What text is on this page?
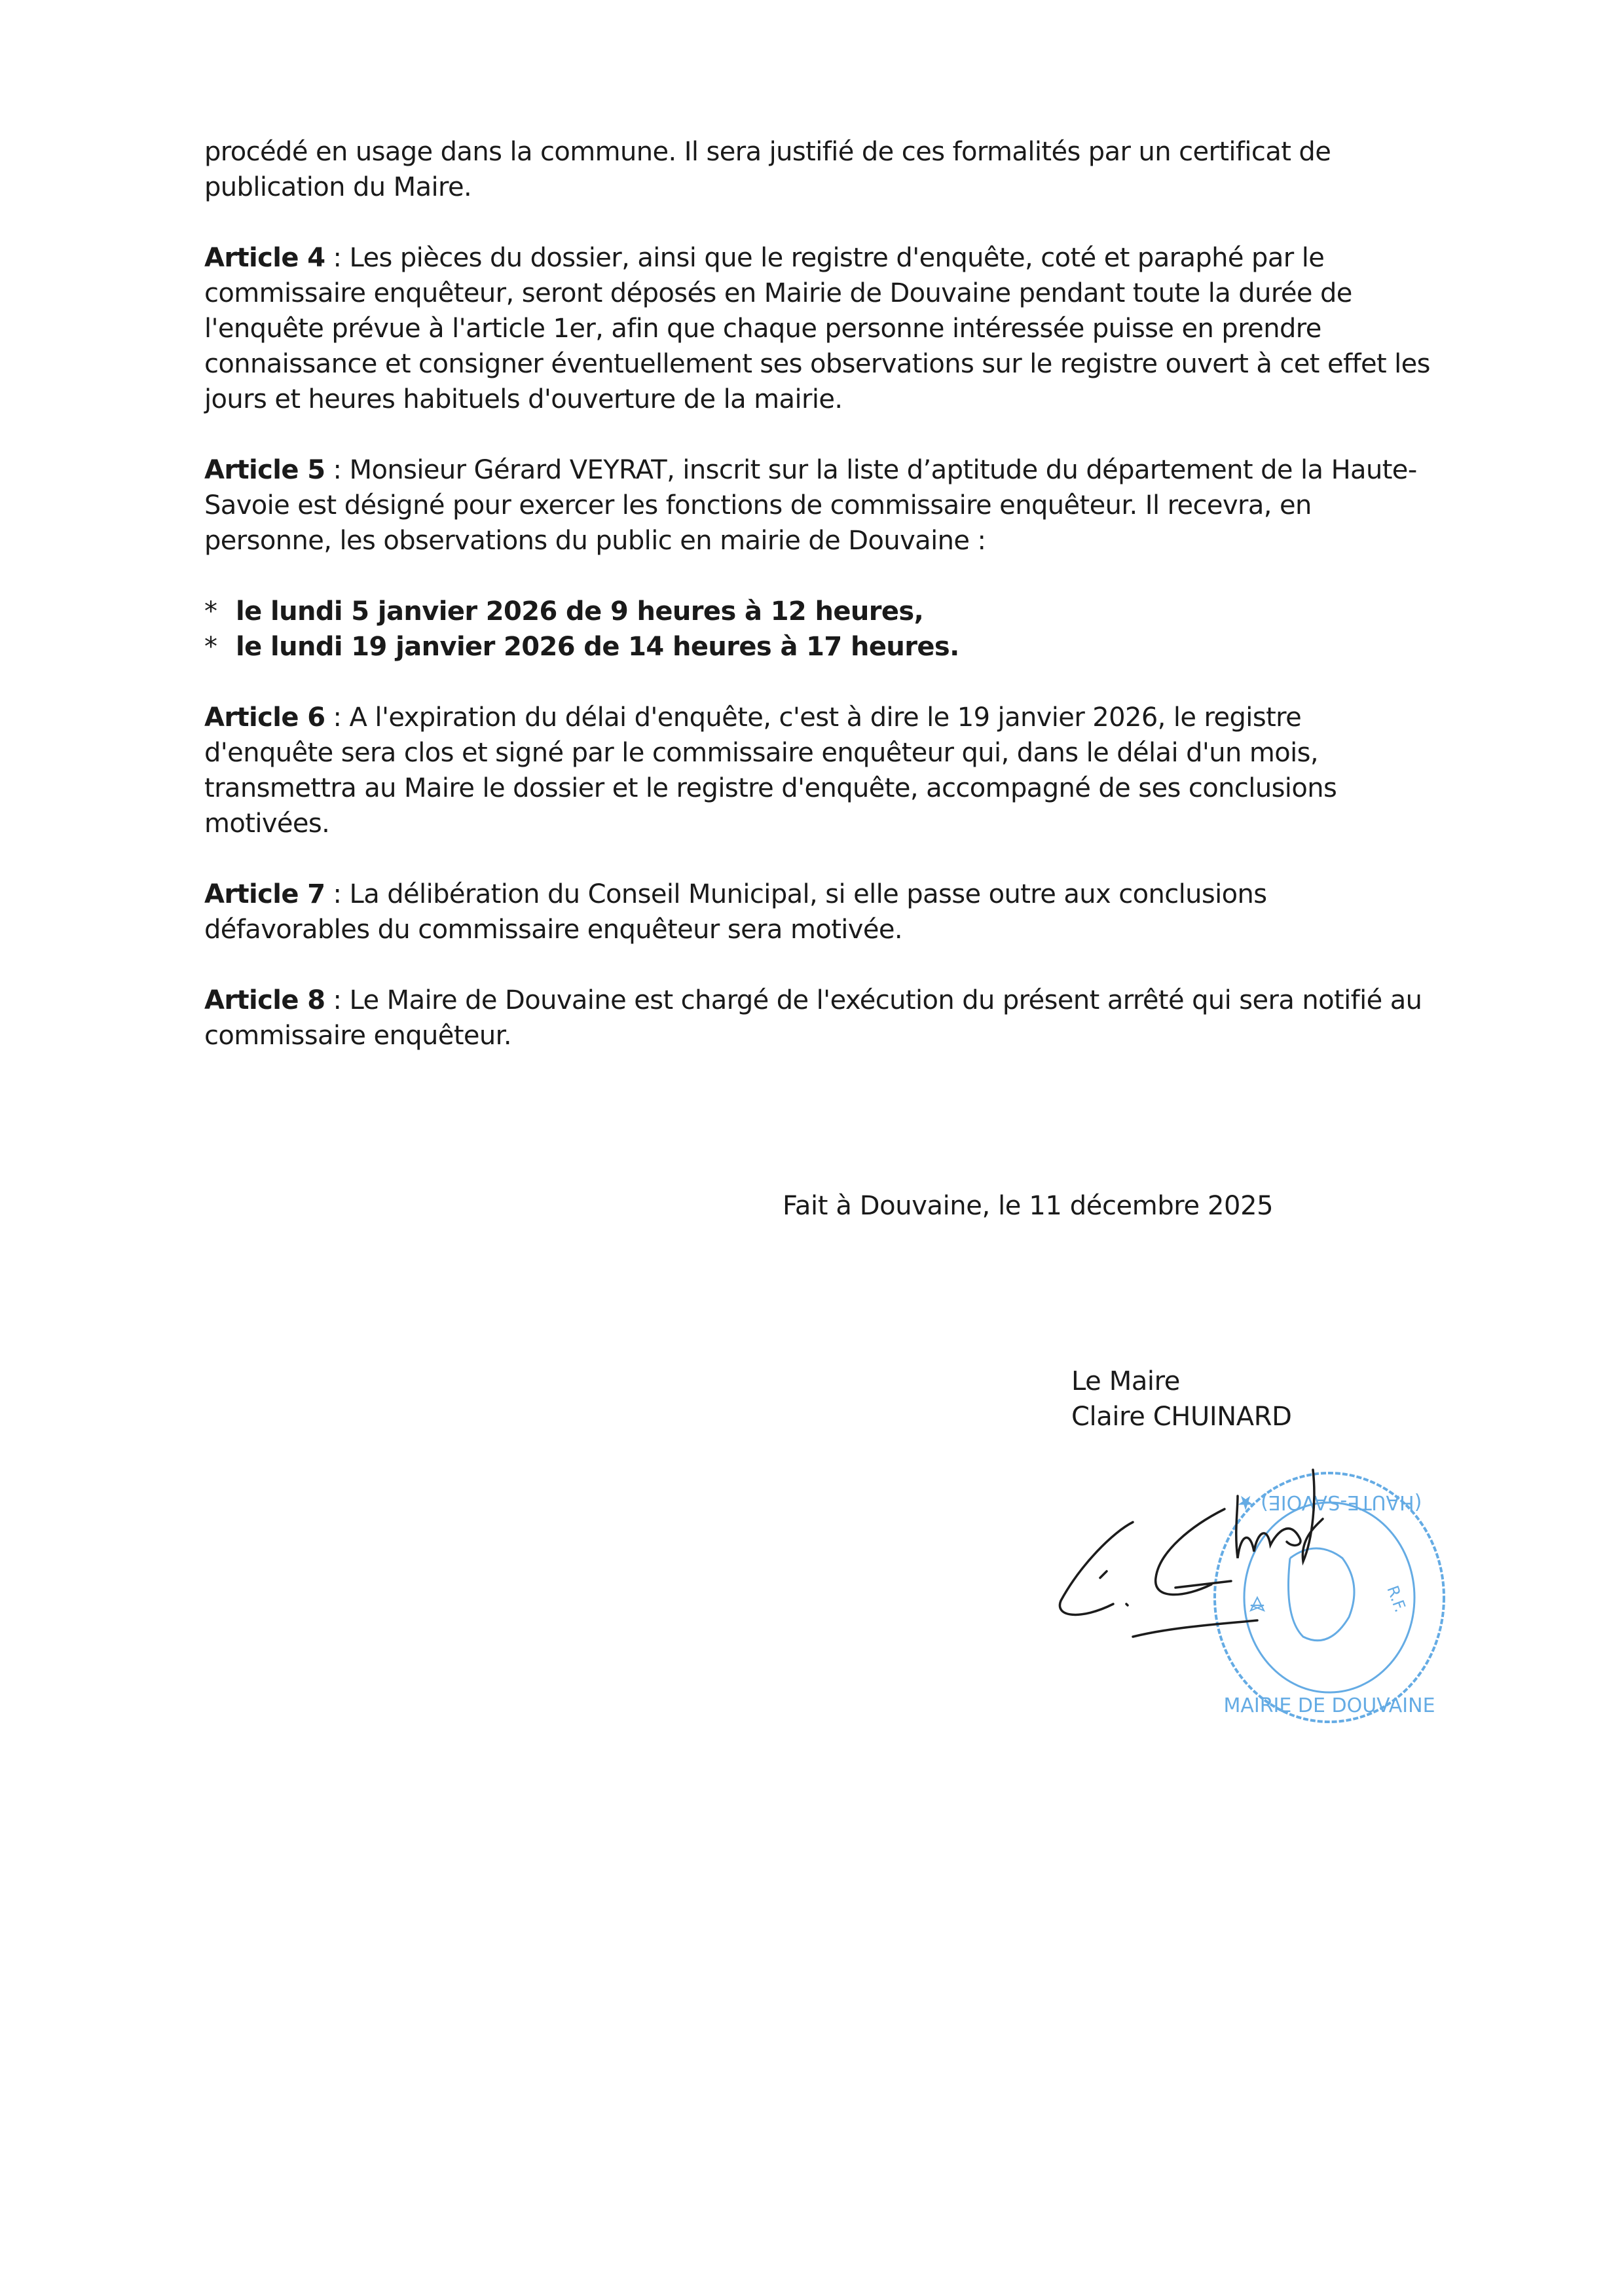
procédé en usage dans la commune. Il sera justifié de ces formalités par un certificat de publication du Maire.

Article 4 : Les pièces du dossier, ainsi que le registre d'enquête, coté et paraphé par le commissaire enquêteur, seront déposés en Mairie de Douvaine pendant toute la durée de l'enquête prévue à l'article 1er, afin que chaque personne intéressée puisse en prendre connaissance et consigner éventuellement ses observations sur le registre ouvert à cet effet les jours et heures habituels d'ouverture de la mairie.

Article 5 : Monsieur Gérard VEYRAT, inscrit sur la liste d’aptitude du département de la Haute-Savoie est désigné pour exercer les fonctions de commissaire enquêteur. Il recevra, en personne, les observations du public en mairie de Douvaine :

* le lundi 5 janvier 2026 de 9 heures à 12 heures,
* le lundi 19 janvier 2026 de 14 heures à 17 heures.

Article 6 : A l'expiration du délai d'enquête, c'est à dire le 19 janvier 2026, le registre d'enquête sera clos et signé par le commissaire enquêteur qui, dans le délai d'un mois, transmettra au Maire le dossier et le registre d'enquête, accompagné de ses conclusions motivées.

Article 7 : La délibération du Conseil Municipal, si elle passe outre aux conclusions défavorables du commissaire enquêteur sera motivée.

Article 8 : Le Maire de Douvaine est chargé de l'exécution du présent arrêté qui sera notifié au commissaire enquêteur.

Fait à Douvaine, le 11 décembre 2025
Le Maire
Claire CHUINARD
(HAUTE-SAVOIE) ★
MAIRIE DE DOUVAINE
R.F.
